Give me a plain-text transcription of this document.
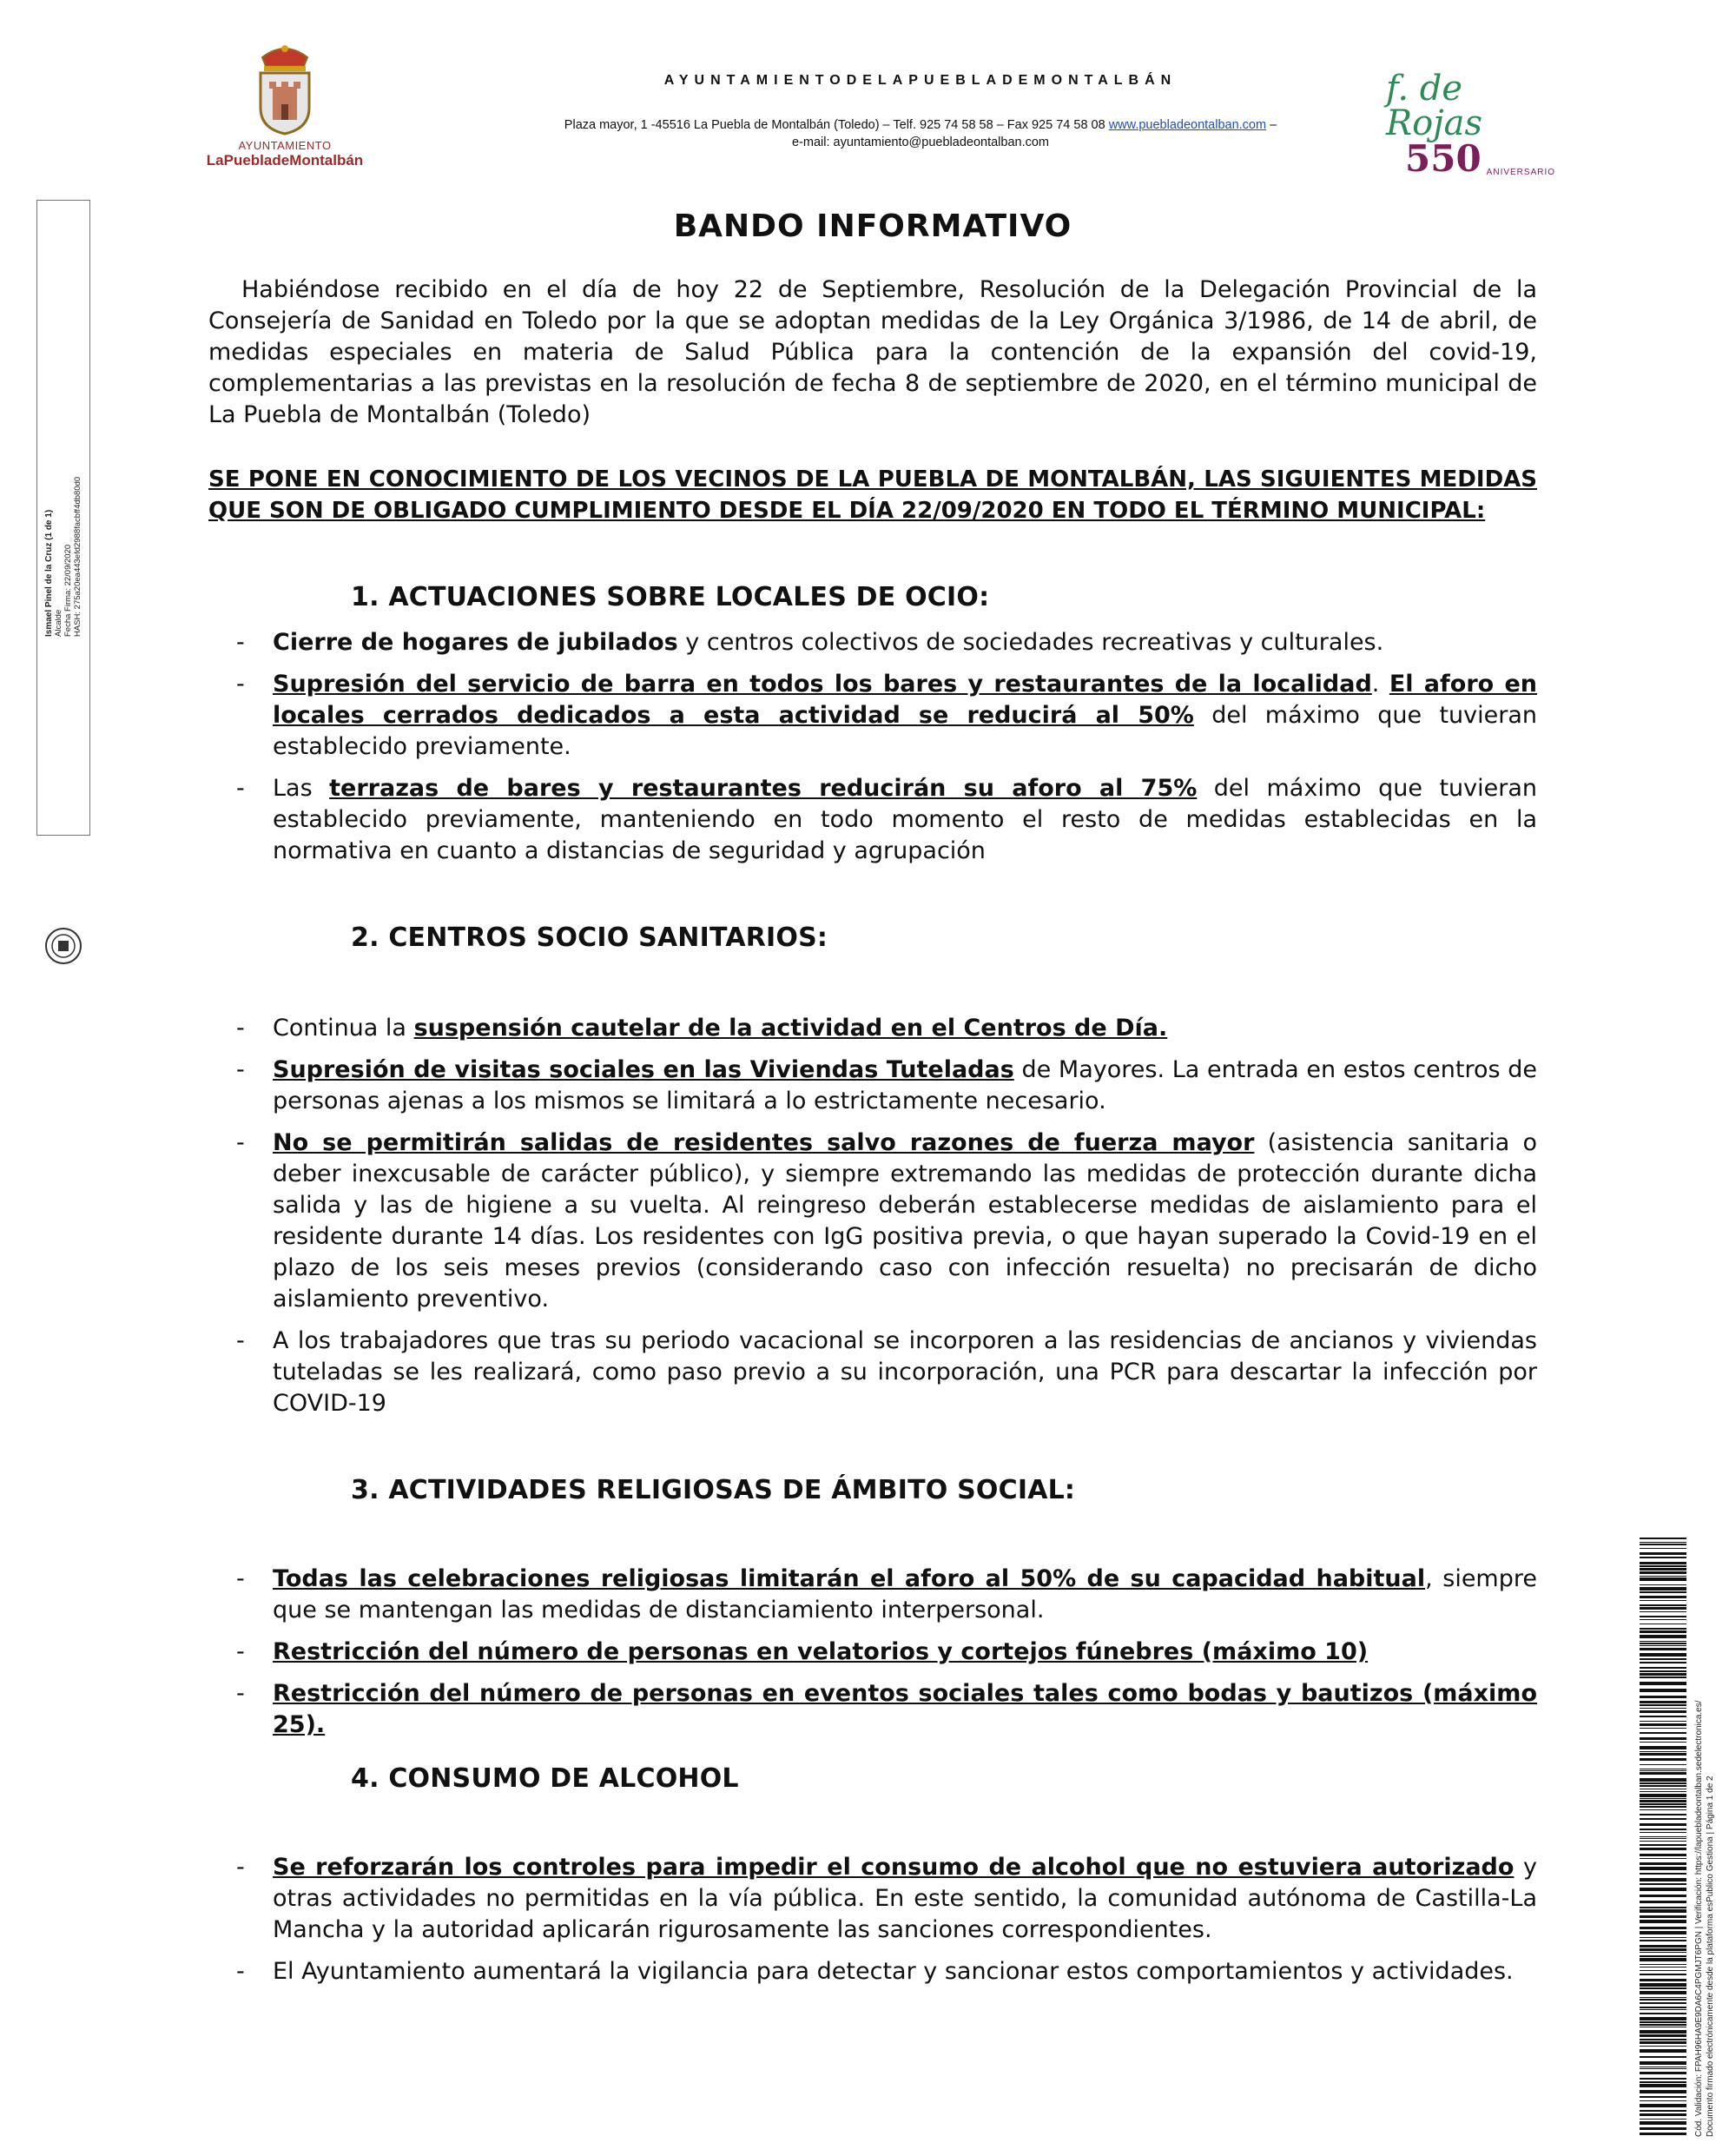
AYUNTAMIENTO
LaPuebladeMontalbán
AYUNTAMIENTODELAPUEBLADEMONTALBÁN
Plaza mayor, 1 -45516 La Puebla de Montalbán (Toledo) – Telf. 925 74 58 58 – Fax 925 74 58 08 www.puebladeontalban.com –
e-mail: ayuntamiento@puebladeontalban.com
f. de Rojas
550 ANIVERSARIO
Ismael Pinel de la Cruz (1 de 1) Alcalde Fecha Firma: 22/09/2020 HASH: 275a20ea443efd2988facbff4db80d0
BANDO INFORMATIVO

Habiéndose recibido en el día de hoy 22 de Septiembre, Resolución de la Delegación Provincial de la Consejería de Sanidad en Toledo por la que se adoptan medidas de la Ley Orgánica 3/1986, de 14 de abril, de medidas especiales en materia de Salud Pública para la contención de la expansión del covid-19, complementarias a las previstas en la resolución de fecha 8 de septiembre de 2020, en el término municipal de La Puebla de Montalbán (Toledo)

SE PONE EN CONOCIMIENTO DE LOS VECINOS DE LA PUEBLA DE MONTALBÁN, LAS SIGUIENTES MEDIDAS QUE SON DE OBLIGADO CUMPLIMIENTO DESDE EL DÍA 22/09/2020 EN TODO EL TÉRMINO MUNICIPAL:
1. ACTUACIONES SOBRE LOCALES DE OCIO:
- Cierre de hogares de jubilados y centros colectivos de sociedades recreativas y culturales.
- Supresión del servicio de barra en todos los bares y restaurantes de la localidad. El aforo en locales cerrados dedicados a esta actividad se reducirá al 50% del máximo que tuvieran establecido previamente.
- Las terrazas de bares y restaurantes reducirán su aforo al 75% del máximo que tuvieran establecido previamente, manteniendo en todo momento el resto de medidas establecidas en la normativa en cuanto a distancias de seguridad y agrupación
2. CENTROS SOCIO SANITARIOS:
- Continua la suspensión cautelar de la actividad en el Centros de Día.
- Supresión de visitas sociales en las Viviendas Tuteladas de Mayores. La entrada en estos centros de personas ajenas a los mismos se limitará a lo estrictamente necesario.
- No se permitirán salidas de residentes salvo razones de fuerza mayor (asistencia sanitaria o deber inexcusable de carácter público), y siempre extremando las medidas de protección durante dicha salida y las de higiene a su vuelta. Al reingreso deberán establecerse medidas de aislamiento para el residente durante 14 días. Los residentes con IgG positiva previa, o que hayan superado la Covid-19 en el plazo de los seis meses previos (considerando caso con infección resuelta) no precisarán de dicho aislamiento preventivo.
- A los trabajadores que tras su periodo vacacional se incorporen a las residencias de ancianos y viviendas tuteladas se les realizará, como paso previo a su incorporación, una PCR para descartar la infección por COVID-19
3. ACTIVIDADES RELIGIOSAS DE ÁMBITO SOCIAL:
- Todas las celebraciones religiosas limitarán el aforo al 50% de su capacidad habitual, siempre que se mantengan las medidas de distanciamiento interpersonal.
- Restricción del número de personas en velatorios y cortejos fúnebres (máximo 10)
- Restricción del número de personas en eventos sociales tales como bodas y bautizos (máximo 25).
4. CONSUMO DE ALCOHOL
- Se reforzarán los controles para impedir el consumo de alcohol que no estuviera autorizado y otras actividades no permitidas en la vía pública. En este sentido, la comunidad autónoma de Castilla-La Mancha y la autoridad aplicarán rigurosamente las sanciones correspondientes.
- El Ayuntamiento aumentará la vigilancia para detectar y sancionar estos comportamientos y actividades.	Cód. Validación: FPAH96HA9E9DA6C4PGMJT6PGN | Verificación: https://lapuebladeontalban.sedelectronica.es/ Documento firmado electrónicamente desde la plataforma esPublico Gestiona | Página 1 de 2
